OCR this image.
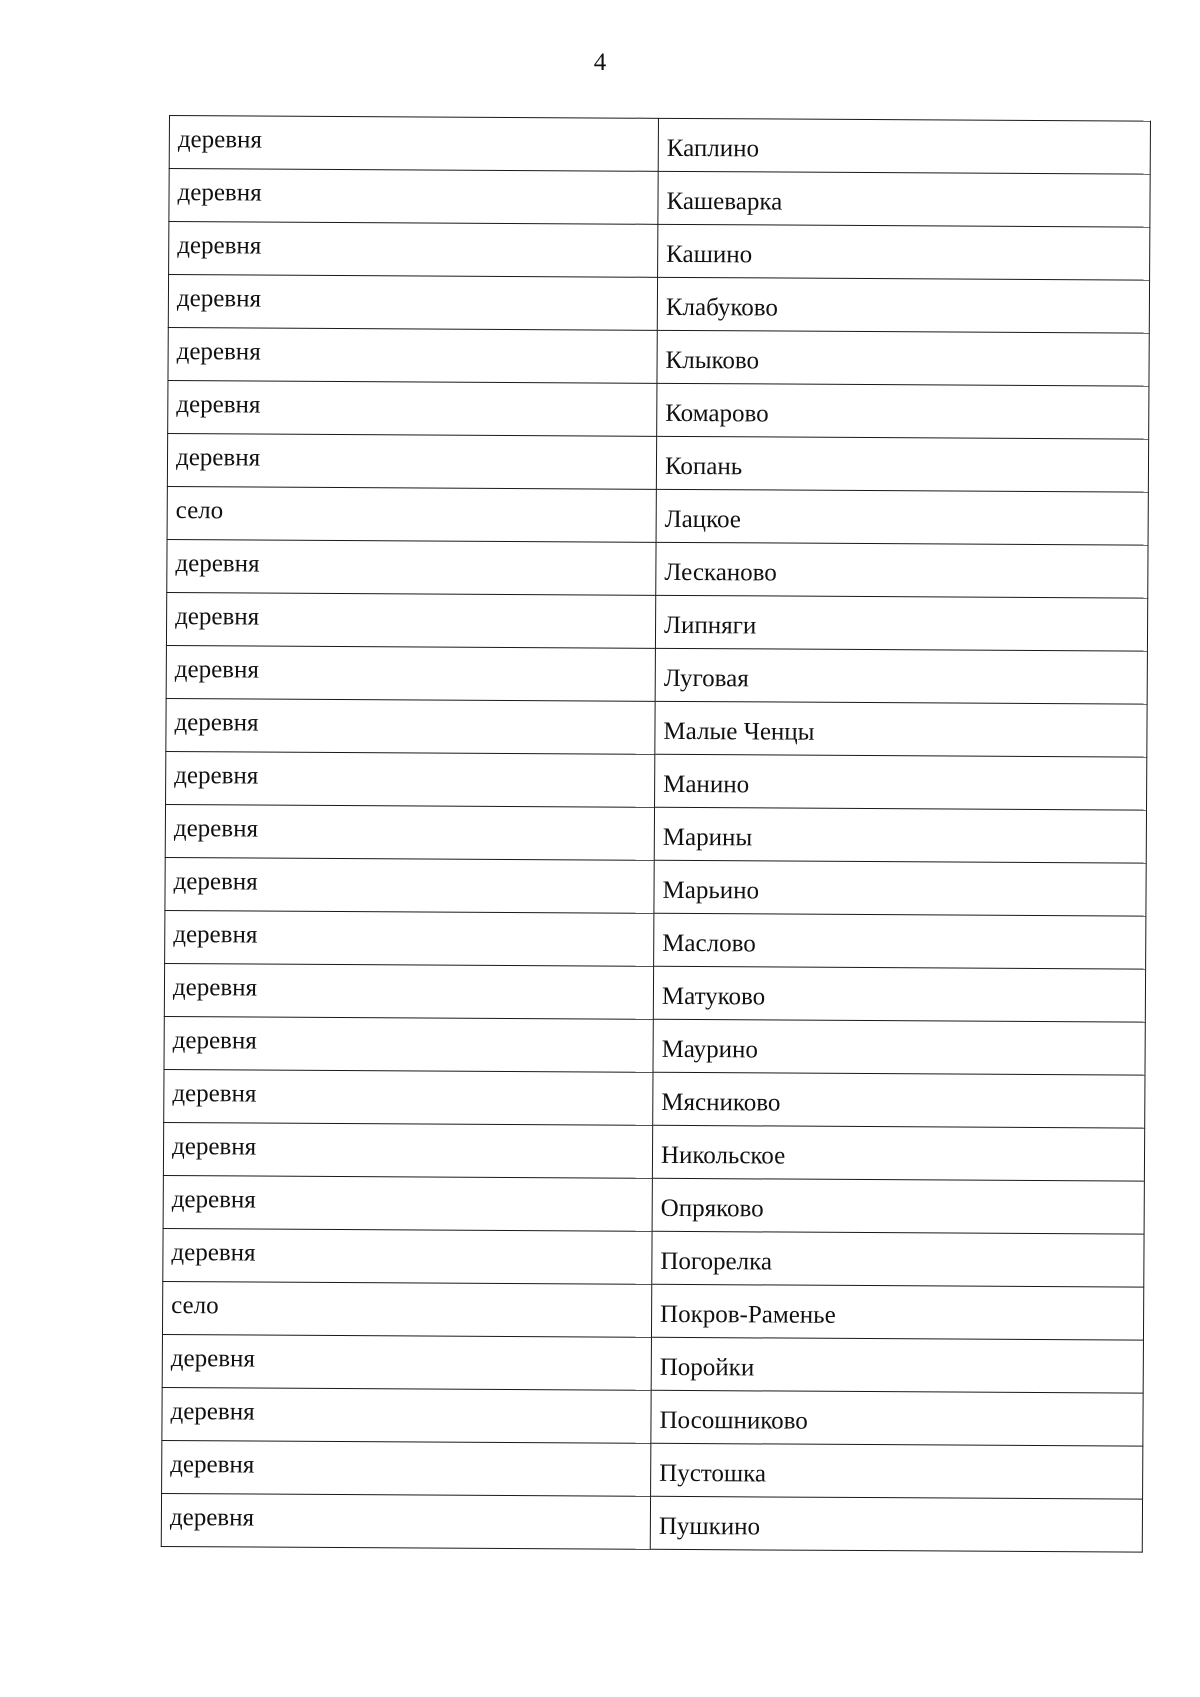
4
деревня	Каплино
деревня	Кашеварка
деревня	Кашино
деревня	Клабуково
деревня	Клыково
деревня	Комарово
деревня	Копань
село	Лацкое
деревня	Лесканово
деревня	Липняги
деревня	Луговая
деревня	Малые Ченцы
деревня	Манино
деревня	Марины
деревня	Марьино
деревня	Маслово
деревня	Матуково
деревня	Маурино
деревня	Мясниково
деревня	Никольское
деревня	Опряково
деревня	Погорелка
село	Покров-Раменье
деревня	Поройки
деревня	Посошниково
деревня	Пустошка
деревня	Пушкино
